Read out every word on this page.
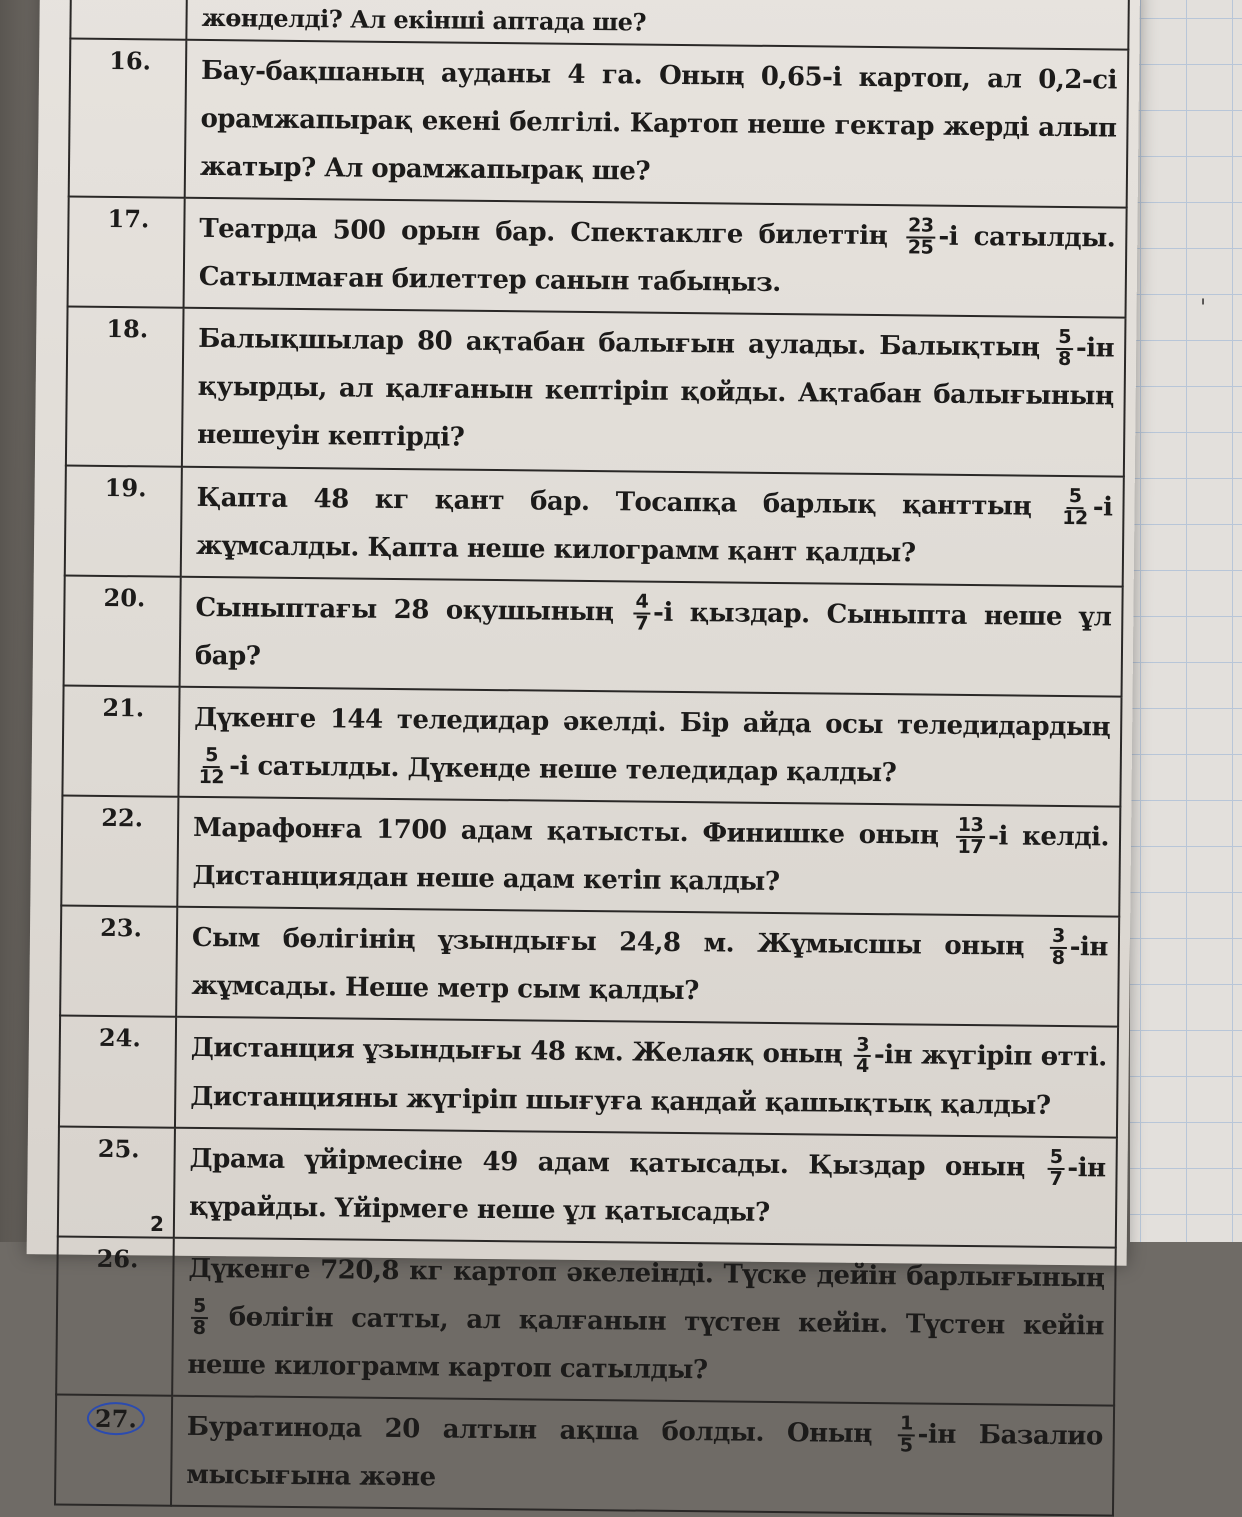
ˌ
	жөнделді? Ал екінші аптада ше?
16.	Бау-бақшаның ауданы 4 га. Оның 0,65-і картоп, ал 0,2-сі орамжапырақ екені белгілі. Картоп неше гектар жерді алып жатыр? Ал орамжапырақ ше?
17.	Театрда 500 орын бар. Спектаклге билеттің $\frac{23}{25} -і$ сатылды. Сатылмаған билеттер санын табыңыз.
18.	Балықшылар 80 ақтабан балығын аулады. Балықтың $\frac{5}{8} -ін$ қуырды, ал қалғанын кептіріп қойды. Ақтабан балығының нешеуін кептірді?
19.	Қапта 48 кг қант бар. Тосапқа барлық қанттың $\frac{5}{12} -і$ жұмсалды. Қапта неше килограмм қант қалды?
20.	Сыныптағы 28 оқушының $\frac{4}{7} -і$ қыздар. Сыныпта неше ұл бар?
21.	Дүкенге 144 теледидар әкелді. Бір айда осы теледидардың
$\frac{5}{12} -і$ сатылды. Дүкенде неше теледидар қалды?
22.	Марафонға 1700 адам қатысты. Финишке оның $\frac{13}{17} -і$ келді. Дистанциядан неше адам кетіп қалды?
23.	Сым бөлігінің ұзындығы 24,8 м. Жұмысшы оның $\frac{3}{8} -ін$ жұмсады. Неше метр сым қалды?
24.	Дистанция ұзындығы 48 км. Желаяқ оның $\frac{3}{4} -ін$ жүгіріп өтті. Дистанцияны жүгіріп шығуға қандай қашықтық қалды?
25.	Драма үйірмесіне 49 адам қатысады. Қыздар оның $\frac{5}{7} -ін$ құрайды. Үйірмеге неше ұл қатысады?
26.	Дүкенге 720,8 кг картоп әкелеінді. Түске дейін барлығының
$\frac{5}{8}$ бөлігін сатты, ал қалғанын түстен кейін. Түстен кейін неше килограмм картоп сатылды?
27.	Буратинода 20 алтын ақша болды. Оның $\frac{1}{5} -ін$ Базалио мысығына және
2
